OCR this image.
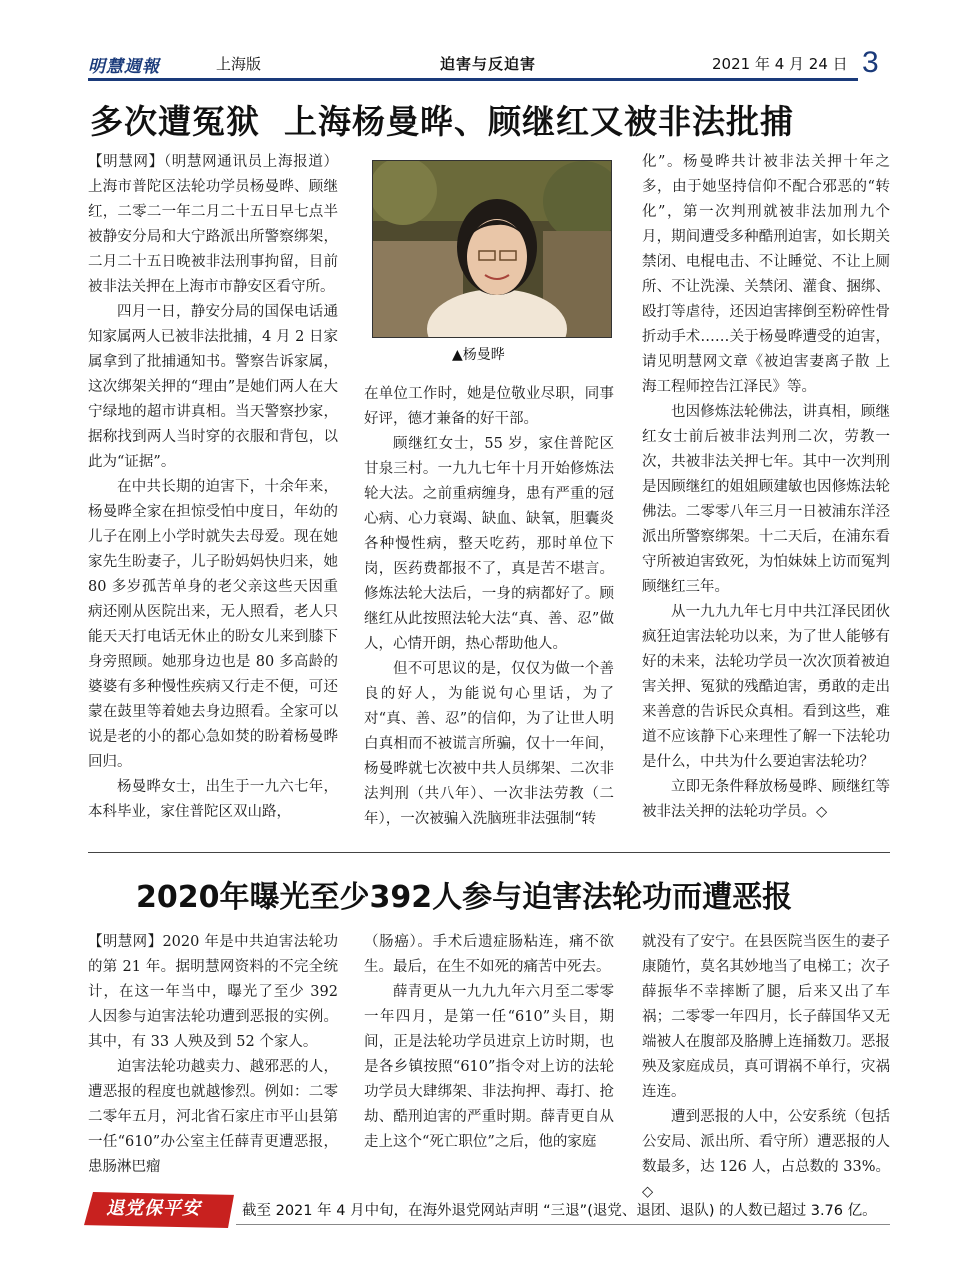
明慧週報	上海版	迫害与反迫害	2021 年 4 月 24 日 3
多次遭冤狱 上海杨曼晔、顾继红又被非法批捕

【明慧网】（明慧网通讯员上海报道）上海市普陀区法轮功学员杨曼晔、顾继红，二零二一年二月二十五日早七点半被静安分局和大宁路派出所警察绑架，二月二十五日晚被非法刑事拘留，目前被非法关押在上海市市静安区看守所。

四月一日，静安分局的国保电话通知家属两人已被非法批捕，4 月 2 日家属拿到了批捕通知书。警察告诉家属，这次绑架关押的“理由”是她们两人在大宁绿地的超市讲真相。当天警察抄家，据称找到两人当时穿的衣服和背包，以此为“证据”。

在中共长期的迫害下，十余年来，杨曼晔全家在担惊受怕中度日，年幼的儿子在刚上小学时就失去母爱。现在她家先生盼妻子，儿子盼妈妈快归来，她 80 多岁孤苦单身的老父亲这些天因重病还刚从医院出来，无人照看，老人只能天天打电话无休止的盼女儿来到膝下身旁照顾。她那身边也是 80 多高龄的婆婆有多种慢性疾病又行走不便，可还蒙在鼓里等着她去身边照看。全家可以说是老的小的都心急如焚的盼着杨曼晔回归。

杨曼晔女士，出生于一九六七年，本科毕业，家住普陀区双山路，

▲杨曼晔

在单位工作时，她是位敬业尽职，同事好评，德才兼备的好干部。

顾继红女士，55 岁，家住普陀区甘泉三村。一九九七年十月开始修炼法轮大法。之前重病缠身，患有严重的冠心病、心力衰竭、缺血、缺氧，胆囊炎各种慢性病，整天吃药，那时单位下岗，医药费都报不了，真是苦不堪言。修炼法轮大法后，一身的病都好了。顾继红从此按照法轮大法“真、善、忍”做人，心情开朗，热心帮助他人。

但不可思议的是，仅仅为做一个善良的好人，为能说句心里话，为了对“真、善、忍”的信仰，为了让世人明白真相而不被谎言所骗，仅十一年间，杨曼晔就七次被中共人员绑架、二次非法判刑（共八年）、一次非法劳教（二年），一次被骗入洗脑班非法强制“转

化”。杨曼晔共计被非法关押十年之多，由于她坚持信仰不配合邪恶的“转化”，第一次判刑就被非法加刑九个月，期间遭受多种酷刑迫害，如长期关禁闭、电棍电击、不让睡觉、不让上厕所、不让洗澡、关禁闭、灌食、捆绑、殴打等虐待，还因迫害摔倒至粉碎性骨折动手术……关于杨曼晔遭受的迫害，请见明慧网文章《被迫害妻离子散 上海工程师控告江泽民》等。

也因修炼法轮佛法，讲真相，顾继红女士前后被非法判刑二次，劳教一次，共被非法关押七年。其中一次判刑是因顾继红的姐姐顾建敏也因修炼法轮佛法。二零零八年三月一日被浦东洋泾派出所警察绑架。十二天后，在浦东看守所被迫害致死，为怕妹妹上访而冤判顾继红三年。

从一九九九年七月中共江泽民团伙疯狂迫害法轮功以来，为了世人能够有好的未来，法轮功学员一次次顶着被迫害关押、冤狱的残酷迫害，勇敢的走出来善意的告诉民众真相。看到这些，难道不应该静下心来理性了解一下法轮功是什么，中共为什么要迫害法轮功？

立即无条件释放杨曼晔、顾继红等被非法关押的法轮功学员。◇

2020年曝光至少392人参与迫害法轮功而遭恶报

【明慧网】2020 年是中共迫害法轮功的第 21 年。据明慧网资料的不完全统计，在这一年当中，曝光了至少 392 人因参与迫害法轮功遭到恶报的实例。其中，有 33 人殃及到 52 个家人。

迫害法轮功越卖力、越邪恶的人，遭恶报的程度也就越惨烈。例如：二零二零年五月，河北省石家庄市平山县第一任“610”办公室主任薛青更遭恶报，患肠淋巴瘤

（肠癌）。手术后遗症肠粘连，痛不欲生。最后，在生不如死的痛苦中死去。

薛青更从一九九九年六月至二零零一年四月，是第一任“610”头目，期间，正是法轮功学员进京上访时期，也是各乡镇按照“610”指令对上访的法轮功学员大肆绑架、非法拘押、毒打、抢劫、酷刑迫害的严重时期。薛青更自从走上这个“死亡职位”之后，他的家庭

就没有了安宁。在县医院当医生的妻子康随竹，莫名其妙地当了电梯工；次子薛振华不幸摔断了腿，后来又出了车祸；二零零一年四月，长子薛国华又无端被人在腹部及胳膊上连捅数刀。恶报殃及家庭成员，真可谓祸不单行，灾祸连连。

遭到恶报的人中，公安系统（包括公安局、派出所、看守所）遭恶报的人数最多，达 126 人，占总数的 33%。◇

退党保平安	截至 2021 年 4 月中旬，在海外退党网站声明 “三退”(退党、退团、退队) 的人数已超过 3.76 亿。
